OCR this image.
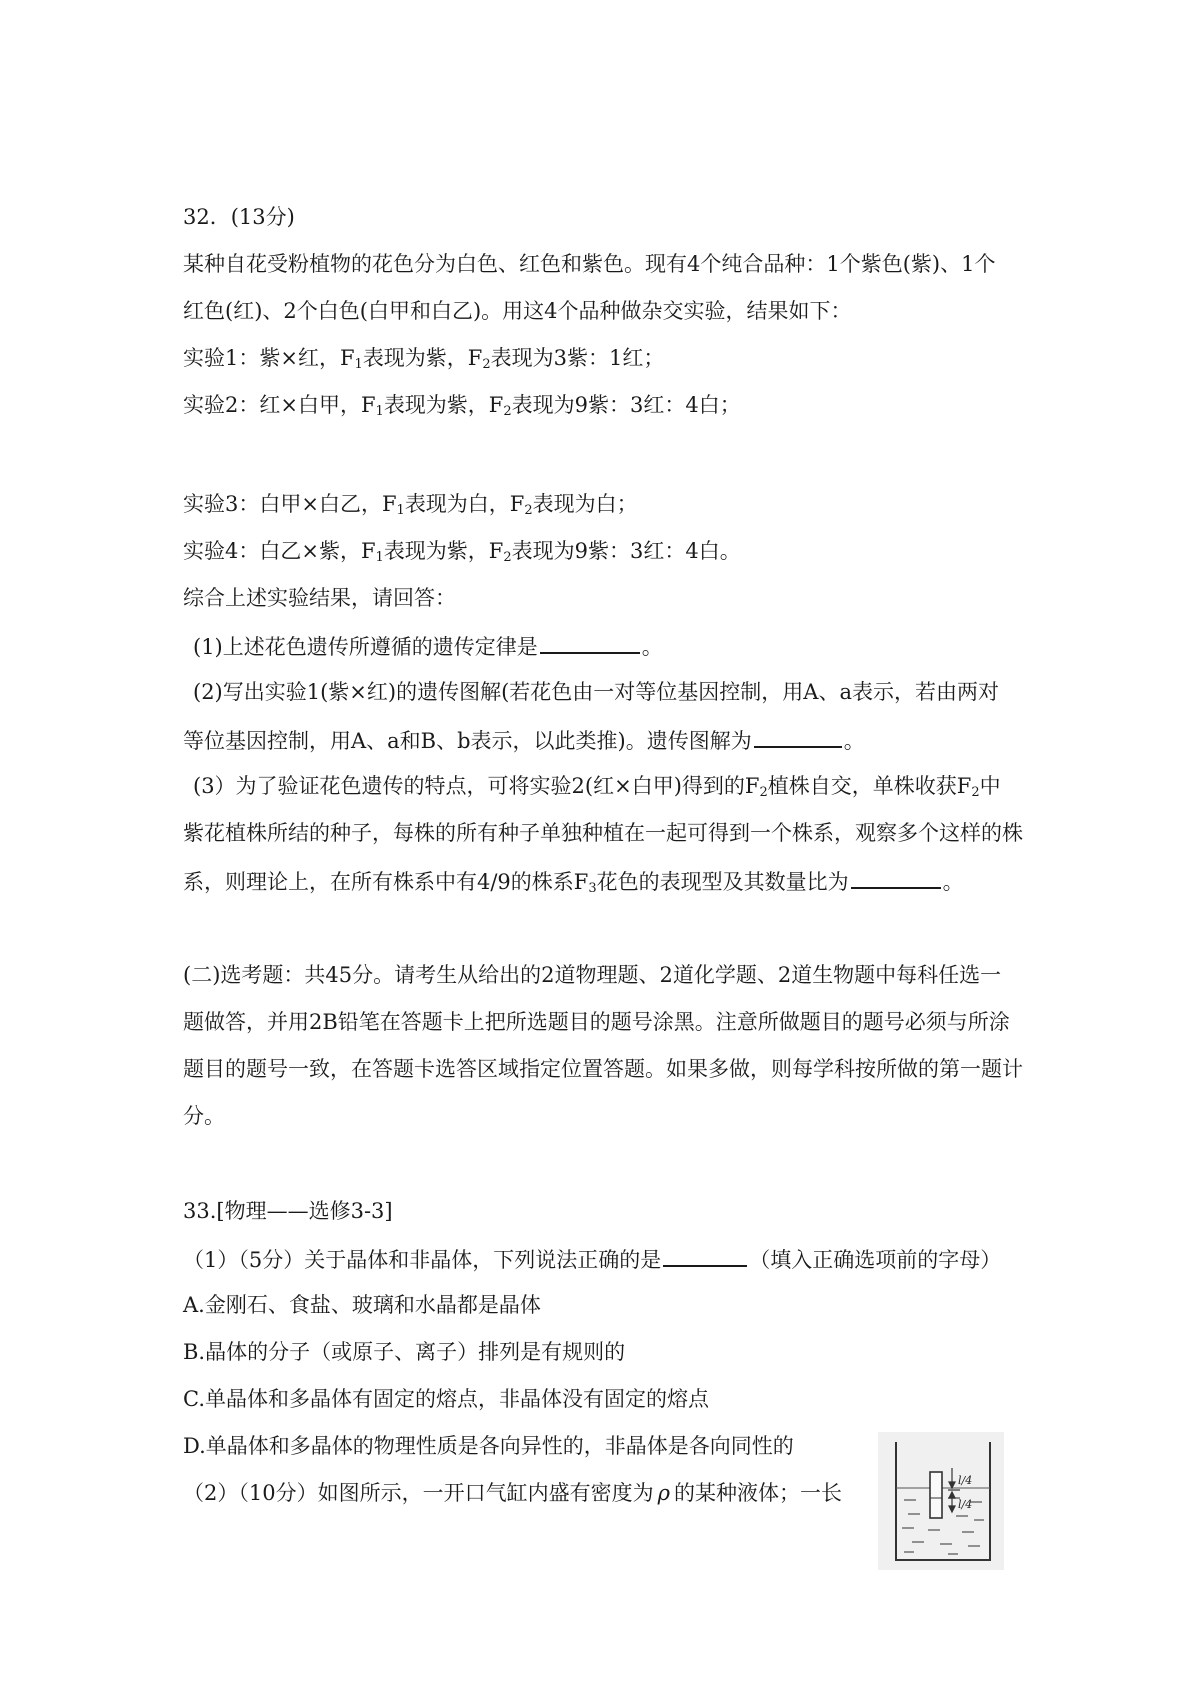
32．(13分)
某种自花受粉植物的花色分为白色、红色和紫色。现有4个纯合品种：1个紫色(紫)、1个
红色(红)、2个白色(白甲和白乙)。用这4个品种做杂交实验，结果如下：
实验1：紫×红，$F_1$表现为紫，$F_2$表现为3紫：1红；
实验2：红×白甲，$F_1$表现为紫，$F_2$表现为9紫：3红：4白；
实验3：白甲×白乙，$F_1$表现为白，$F_2$表现为白；
实验4：白乙×紫，$F_1$表现为紫，$F_2$表现为9紫：3红：4白。
综合上述实验结果，请回答：
(1)上述花色遗传所遵循的遗传定律是	。
(2)写出实验1(紫×红)的遗传图解(若花色由一对等位基因控制，用A、a表示，若由两对
等位基因控制，用A、a和B、b表示，以此类推)。遗传图解为	。
(3）为了验证花色遗传的特点，可将实验2(红×白甲)得到的$F_2$植株自交，单株收获$F_2$中
紫花植株所结的种子，每株的所有种子单独种植在一起可得到一个株系，观察多个这样的株
系，则理论上，在所有株系中有4/9的株系$F_3$花色的表现型及其数量比为	。
(二)选考题：共45分。请考生从给出的2道物理题、2道化学题、2道生物题中每科任选一
题做答，并用2B铅笔在答题卡上把所选题目的题号涂黑。注意所做题目的题号必须与所涂
题目的题号一致，在答题卡选答区域指定位置答题。如果多做，则每学科按所做的第一题计
分。
33.[物理——选修3-3]
（1）（5分）关于晶体和非晶体，下列说法正确的是	（填入正确选项前的字母）
A.金刚石、食盐、玻璃和水晶都是晶体
B.晶体的分子（或原子、离子）排列是有规则的
C.单晶体和多晶体有固定的熔点，非晶体没有固定的熔点
D.单晶体和多晶体的物理性质是各向异性的，非晶体是各向同性的
（2）（10分）如图所示，一开口气缸内盛有密度为 ρ 的某种液体；一长
l/4
l/4
